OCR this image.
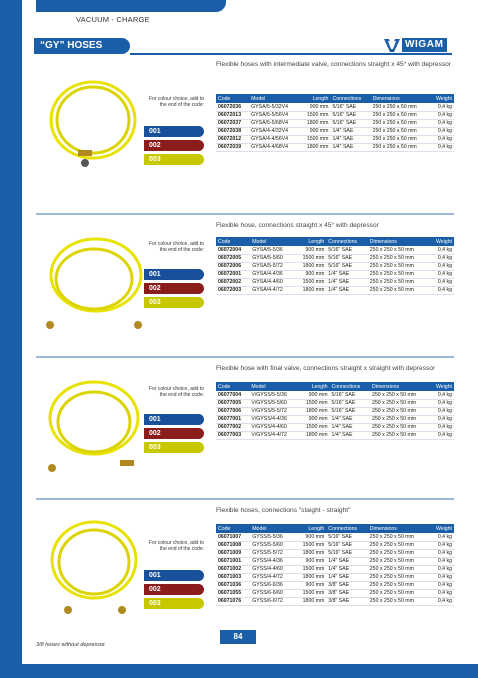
VACUUM - CHARGE
“GY” HOSES	WIGAM
For colour choice, add to the end of the code:
001
002
003
Flexible hoses with intermediate valve, connections straight x 45° with depressor
Code	Model	Length	Connections	Dimensions	Weight
06072036	GYSA/5-5/32V4	900 mm	5/16" SAE	250 x 250 x 50 mm	0,4 kg
06072013	GYSA/5-5/56V4	1500 mm	5/16" SAE	250 x 250 x 50 mm	0,4 kg
06072037	GYSA/5-5/68V4	1800 mm	5/16" SAE	250 x 250 x 50 mm	0,4 kg
06072038	GYSA/4-4/32V4	900 mm	1/4" SAE	250 x 250 x 50 mm	0,4 kg
06072012	GYSA/4-4/56V4	1500 mm	1/4" SAE	250 x 250 x 50 mm	0,4 kg
06072039	GYSA/4-4/68V4	1800 mm	1/4" SAE	250 x 250 x 50 mm	0,4 kg
For colour choice, add to the end of the code:
001
002
003
Flexible hose, connections straight x 45° with depressor
Code	Model	Length	Connections	Dimensions	Weight
06072004	GYSA/5-5/36	900 mm	5/16" SAE	250 x 250 x 50 mm	0,4 kg
06072005	GYSA/5-5/60	1500 mm	5/16" SAE	250 x 250 x 50 mm	0,4 kg
06072006	GYSA/5-5/72	1800 mm	5/16" SAE	250 x 250 x 50 mm	0,4 kg
06072001	GYSA/4-4/36	900 mm	1/4" SAE	250 x 250 x 50 mm	0,4 kg
06072002	GYSA/4-4/60	1500 mm	1/4" SAE	250 x 250 x 50 mm	0,4 kg
06072003	GYSA/4-4/72	1800 mm	1/4" SAE	250 x 250 x 50 mm	0,4 kg
For colour choice, add to the end of the code:
001
002
003
Flexible hose with final valve, connections straight x straight with depressor
Code	Model	Length	Connections	Dimensions	Weight
06077004	V/GYSS/5-5/36	900 mm	5/16" SAE	250 x 250 x 50 mm	0,4 kg
06077005	V/GYSS/5-5/60	1500 mm	5/16" SAE	250 x 250 x 50 mm	0,4 kg
06077006	V/GYSS/5-5/72	1800 mm	5/16" SAE	250 x 250 x 50 mm	0,4 kg
06077001	V/GYSS/4-4/36	900 mm	1/4" SAE	250 x 250 x 50 mm	0,4 kg
06077002	V/GYSS/4-4/60	1500 mm	1/4" SAE	250 x 250 x 50 mm	0,4 kg
06077003	V/GYSS/4-4/72	1800 mm	1/4" SAE	250 x 250 x 50 mm	0,4 kg
For colour choice, add to the end of the code:
001
002
003
Flexible hoses, connections "staight - straight"
Code	Model	Length	Connections	Dimensions	Weight
06071007	GYSS/5-5/36	900 mm	5/16" SAE	250 x 250 x 50 mm	0,4 kg
06071008	GYSS/5-5/60	1500 mm	5/16" SAE	250 x 250 x 50 mm	0,4 kg
06071009	GYSS/5-5/72	1800 mm	5/16" SAE	250 x 250 x 50 mm	0,4 kg
06071001	GYSS/4-4/36	900 mm	1/4" SAE	250 x 250 x 50 mm	0,4 kg
06071002	GYSS/4-4/60	1500 mm	1/4" SAE	250 x 250 x 50 mm	0,4 kg
06071003	GYSS/4-4/72	1800 mm	1/4" SAE	250 x 250 x 50 mm	0,4 kg
06071036	GYSS/6-6/36	900 mm	3/8" SAE	250 x 250 x 50 mm	0,4 kg
06071055	GYSS/6-6/60	1500 mm	3/8" SAE	250 x 250 x 50 mm	0,4 kg
06071076	GYSS/6-6/72	1800 mm	3/8" SAE	250 x 250 x 50 mm	0,4 kg
3/8 hoses without depressor.
84
